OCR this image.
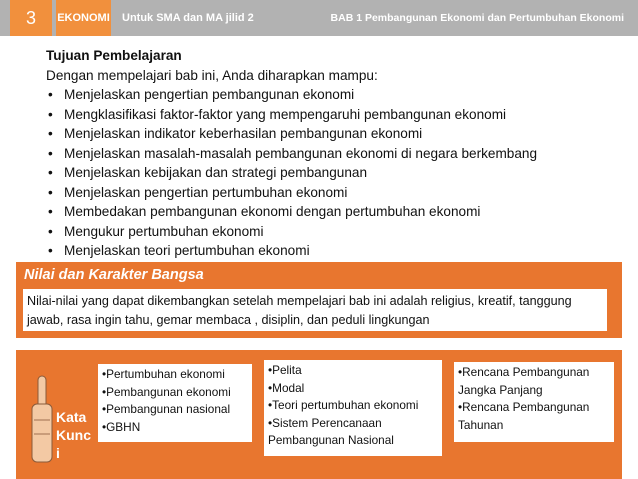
3	EKONOMI	Untuk SMA dan MA jilid 2	BAB 1 Pembangunan Ekonomi dan Pertumbuhan Ekonomi
Tujuan Pembelajaran
Dengan mempelajari bab ini, Anda diharapkan mampu:
• Menjelaskan pengertian pembangunan ekonomi
• Mengklasifikasi faktor-faktor yang mempengaruhi pembangunan ekonomi
• Menjelaskan indikator keberhasilan pembangunan ekonomi
• Menjelaskan masalah-masalah pembangunan ekonomi di negara berkembang
• Menjelaskan kebijakan dan strategi pembangunan
• Menjelaskan pengertian pertumbuhan ekonomi
• Membedakan pembangunan ekonomi dengan pertumbuhan ekonomi
• Mengukur pertumbuhan ekonomi
• Menjelaskan teori pertumbuhan ekonomi
Nilai dan Karakter Bangsa
Nilai-nilai yang dapat dikembangkan setelah mempelajari bab ini adalah religius, kreatif, tanggung jawab, rasa ingin tahu, gemar membaca , disiplin, dan peduli lingkungan
Kata
Kunc
i
•Pertumbuhan ekonomi
•Pembangunan ekonomi
•Pembangunan nasional
•GBHN
•Pelita
•Modal
•Teori pertumbuhan ekonomi
•Sistem Perencanaan
Pembangunan Nasional
•Rencana Pembangunan
Jangka Panjang
•Rencana Pembangunan
Tahunan
